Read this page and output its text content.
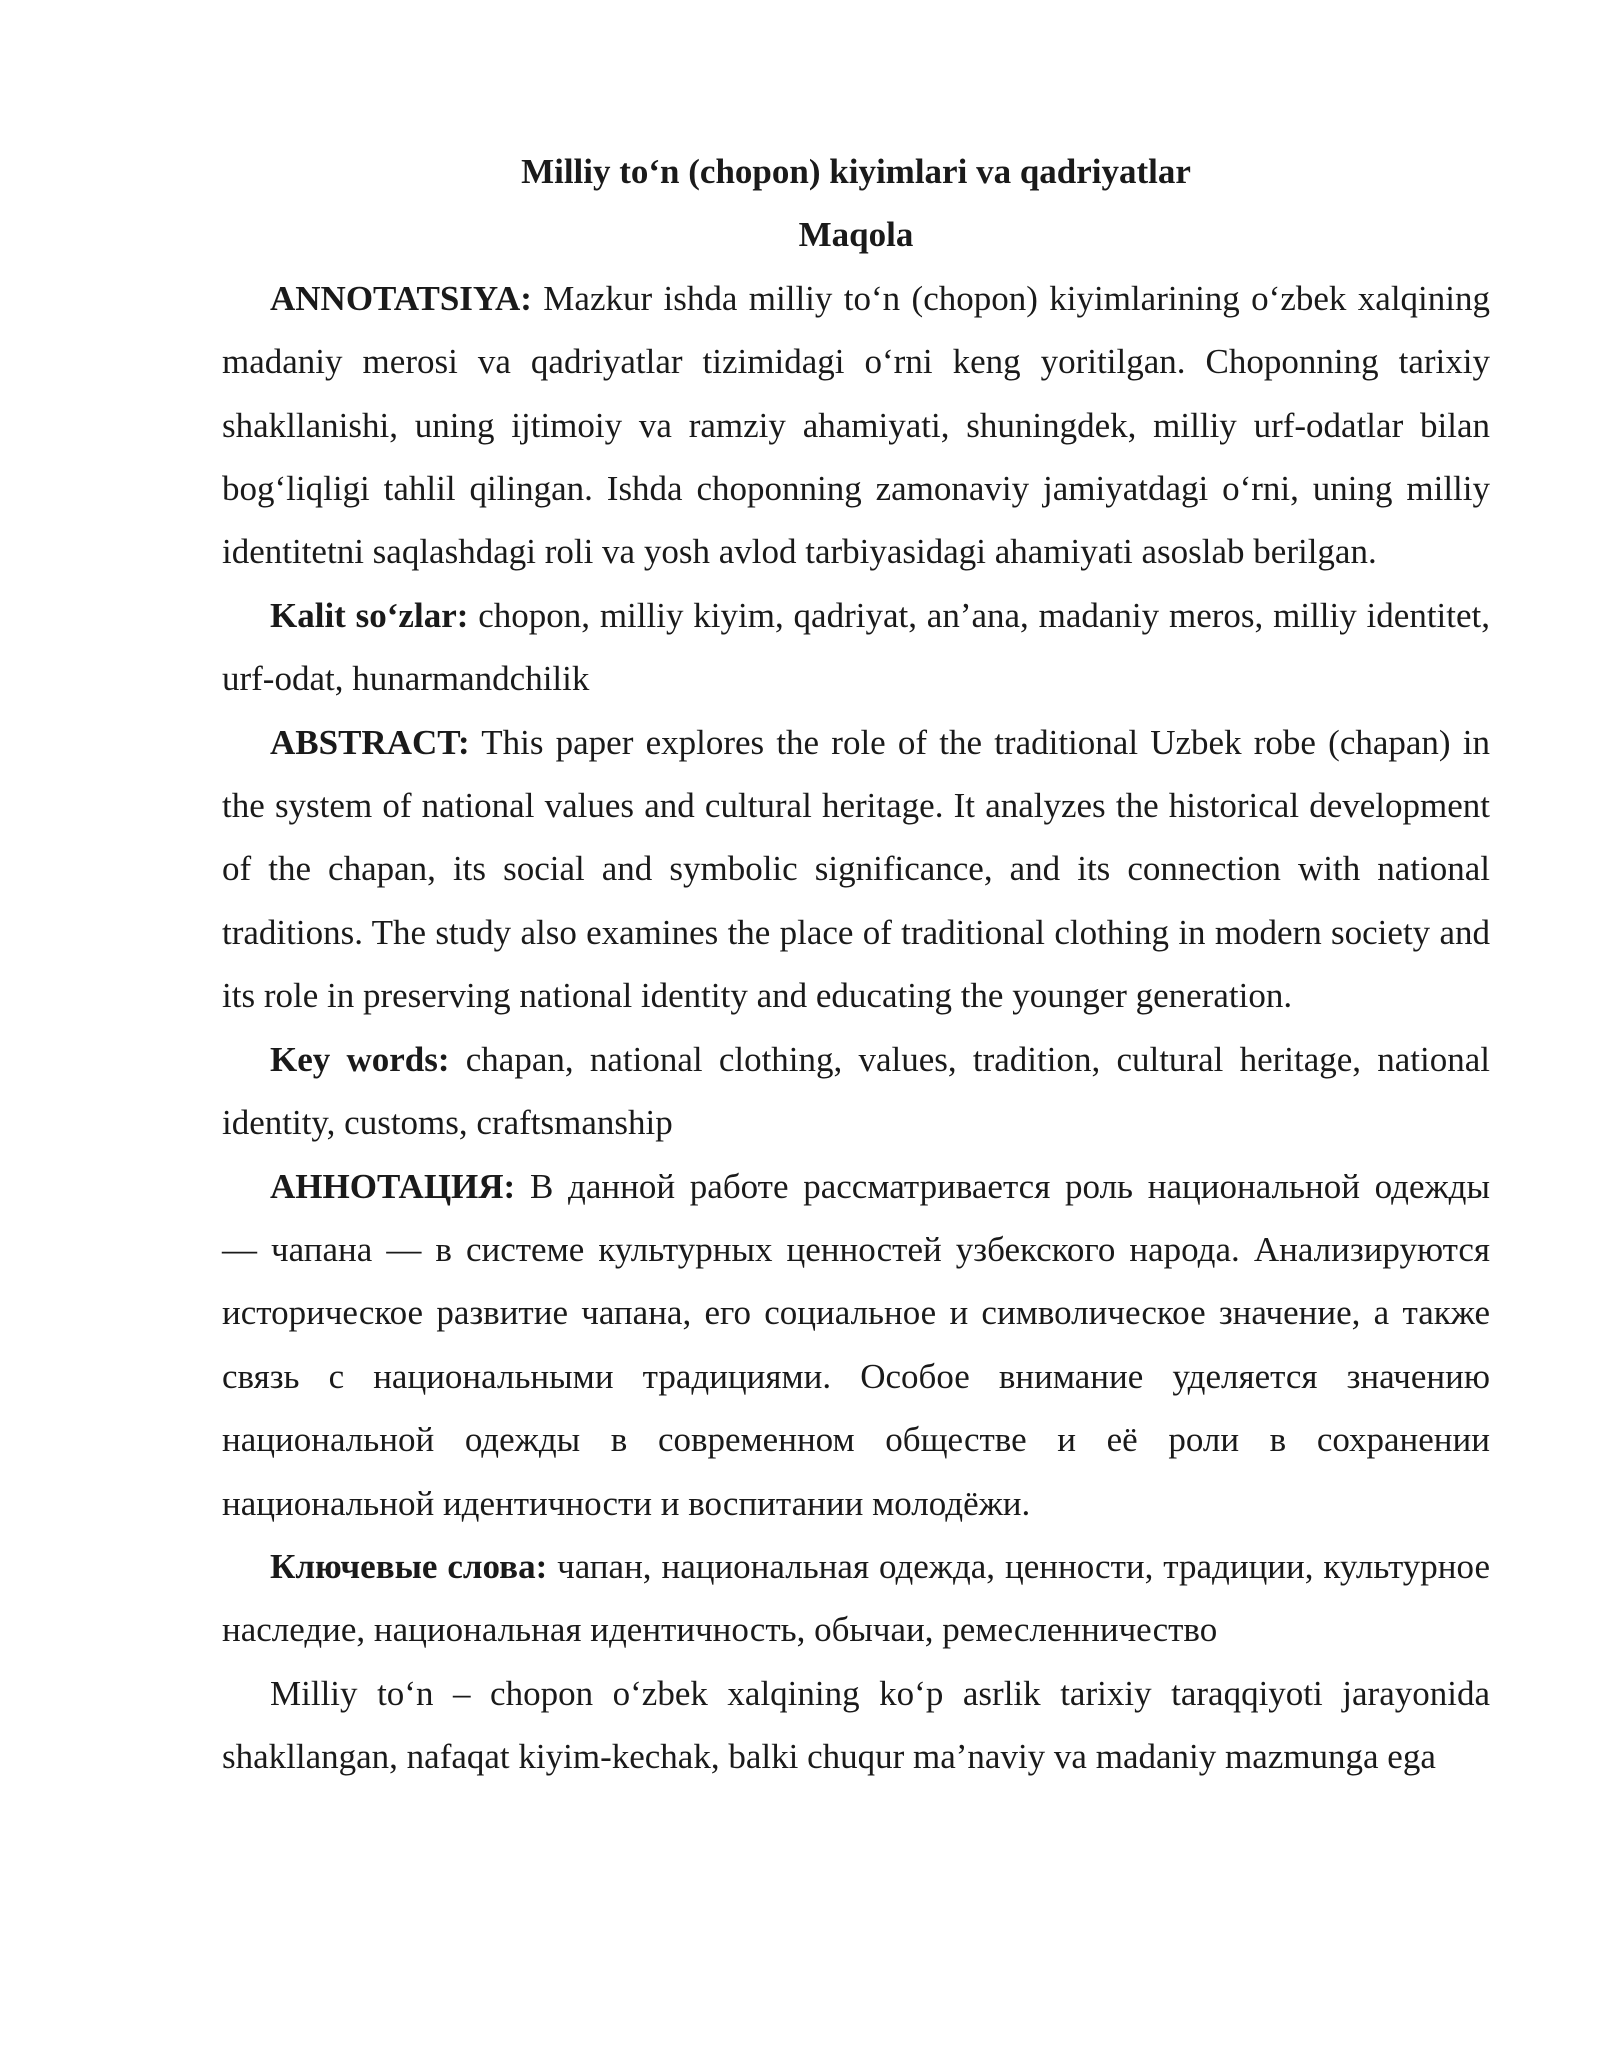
Milliy to‘n (chopon) kiyimlari va qadriyatlar
Maqola

ANNOTATSIYA: Mazkur ishda milliy to‘n (chopon) kiyimlarining o‘zbek xalqining madaniy merosi va qadriyatlar tizimidagi o‘rni keng yoritilgan. Choponning tarixiy shakllanishi, uning ijtimoiy va ramziy ahamiyati, shuningdek, milliy urf-odatlar bilan bog‘liqligi tahlil qilingan. Ishda choponning zamonaviy jamiyatdagi o‘rni, uning milliy identitetni saqlashdagi roli va yosh avlod tarbiyasidagi ahamiyati asoslab berilgan.

Kalit so‘zlar: chopon, milliy kiyim, qadriyat, an’ana, madaniy meros, milliy identitet, urf-odat, hunarmandchilik

ABSTRACT: This paper explores the role of the traditional Uzbek robe (chapan) in the system of national values and cultural heritage. It analyzes the historical development of the chapan, its social and symbolic significance, and its connection with national traditions. The study also examines the place of traditional clothing in modern society and its role in preserving national identity and educating the younger generation.

Key words: chapan, national clothing, values, tradition, cultural heritage, national identity, customs, craftsmanship

АННОТАЦИЯ: В данной работе рассматривается роль национальной одежды — чапана — в системе культурных ценностей узбекского народа. Анализируются историческое развитие чапана, его социальное и символическое значение, а также связь с национальными традициями. Особое внимание уделяется значению национальной одежды в современном обществе и её роли в сохранении национальной идентичности и воспитании молодёжи.

Ключевые слова: чапан, национальная одежда, ценности, традиции, культурное наследие, национальная идентичность, обычаи, ремесленничество

Milliy to‘n – chopon o‘zbek xalqining ko‘p asrlik tarixiy taraqqiyoti jarayonida shakllangan, nafaqat kiyim-kechak, balki chuqur ma’naviy va madaniy mazmunga ega
